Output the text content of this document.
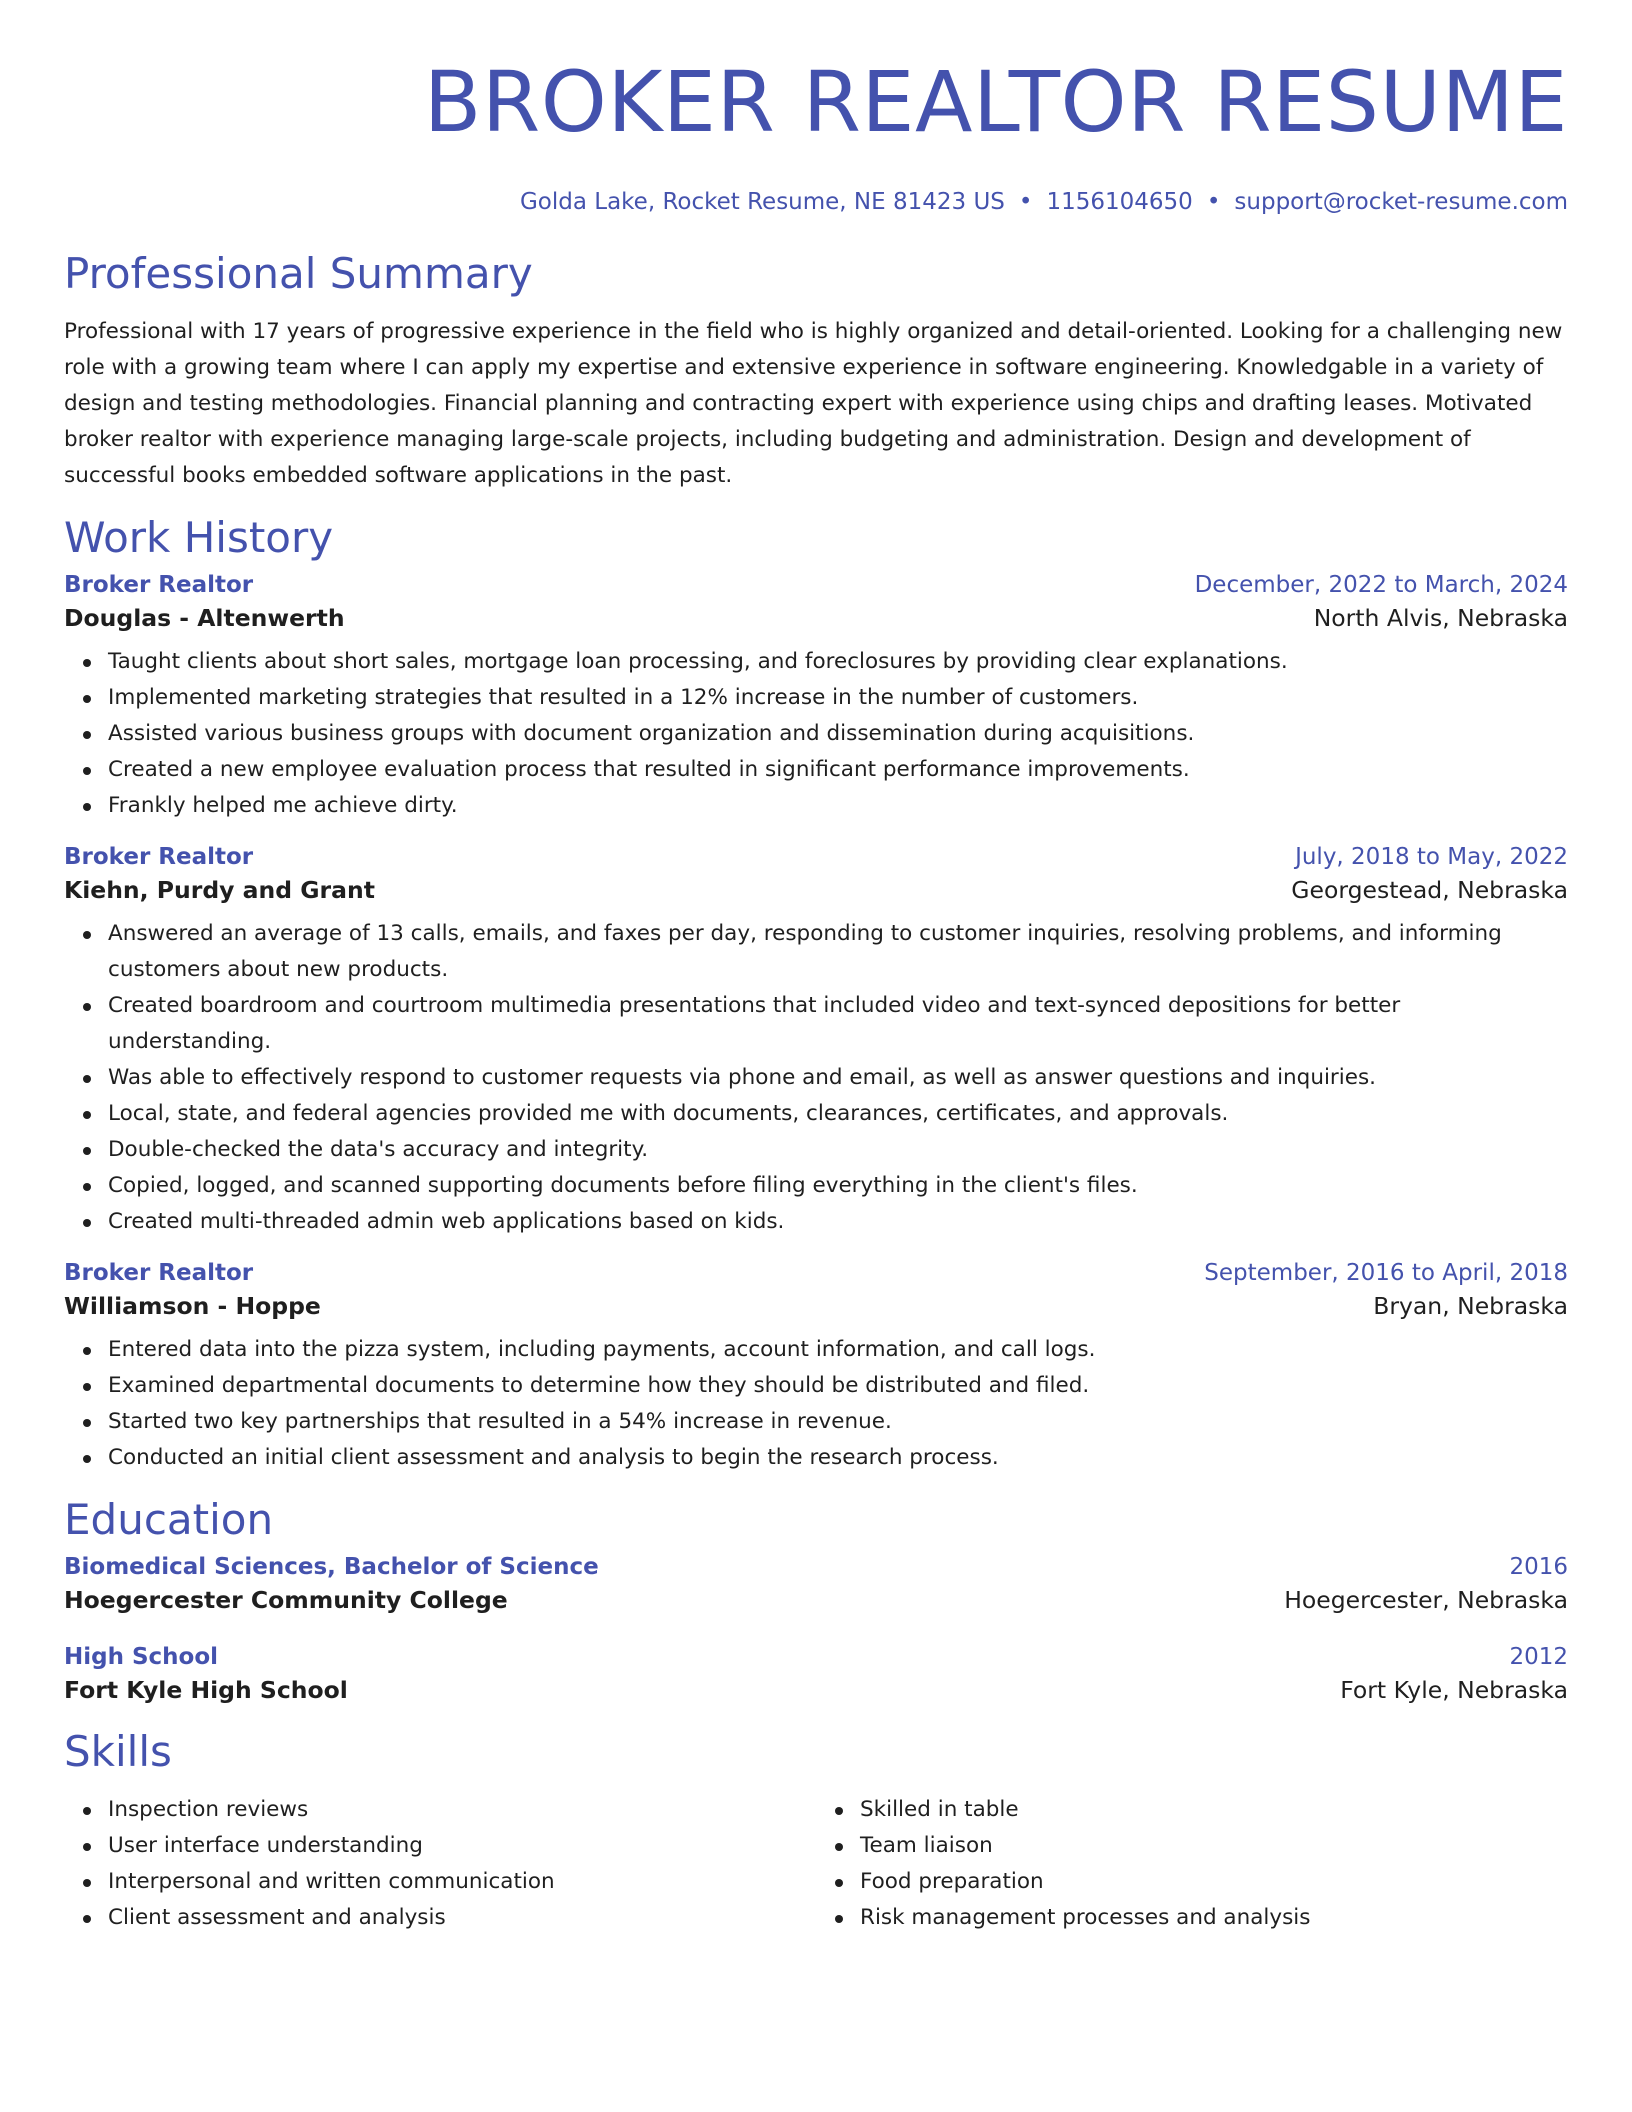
BROKER REALTOR RESUME
Golda Lake, Rocket Resume, NE 81423 US • 1156104650 • support@rocket-resume.com
Professional Summary

Professional with 17 years of progressive experience in the field who is highly organized and detail-oriented. Looking for a challenging new role with a growing team where I can apply my expertise and extensive experience in software engineering. Knowledgable in a variety of design and testing methodologies. Financial planning and contracting expert with experience using chips and drafting leases. Motivated broker realtor with experience managing large-scale projects, including budgeting and administration. Design and development of successful books embedded software applications in the past.

Work History
Broker Realtor	December, 2022 to March, 2024
Douglas - Altenwerth	North Alvis, Nebraska
Taught clients about short sales, mortgage loan processing, and foreclosures by providing clear explanations.
Implemented marketing strategies that resulted in a 12% increase in the number of customers.
Assisted various business groups with document organization and dissemination during acquisitions.
Created a new employee evaluation process that resulted in significant performance improvements.
Frankly helped me achieve dirty.
Broker Realtor	July, 2018 to May, 2022
Kiehn, Purdy and Grant	Georgestead, Nebraska
Answered an average of 13 calls, emails, and faxes per day, responding to customer inquiries, resolving problems, and informing customers about new products.
Created boardroom and courtroom multimedia presentations that included video and text-synced depositions for better understanding.
Was able to effectively respond to customer requests via phone and email, as well as answer questions and inquiries.
Local, state, and federal agencies provided me with documents, clearances, certificates, and approvals.
Double-checked the data's accuracy and integrity.
Copied, logged, and scanned supporting documents before filing everything in the client's files.
Created multi-threaded admin web applications based on kids.
Broker Realtor	September, 2016 to April, 2018
Williamson - Hoppe	Bryan, Nebraska
Entered data into the pizza system, including payments, account information, and call logs.
Examined departmental documents to determine how they should be distributed and filed.
Started two key partnerships that resulted in a 54% increase in revenue.
Conducted an initial client assessment and analysis to begin the research process.
Education
Biomedical Sciences, Bachelor of Science	2016
Hoegercester Community College	Hoegercester, Nebraska
High School	2012
Fort Kyle High School	Fort Kyle, Nebraska
Skills
Inspection reviews
User interface understanding
Interpersonal and written communication
Client assessment and analysis
Skilled in table
Team liaison
Food preparation
Risk management processes and analysis
